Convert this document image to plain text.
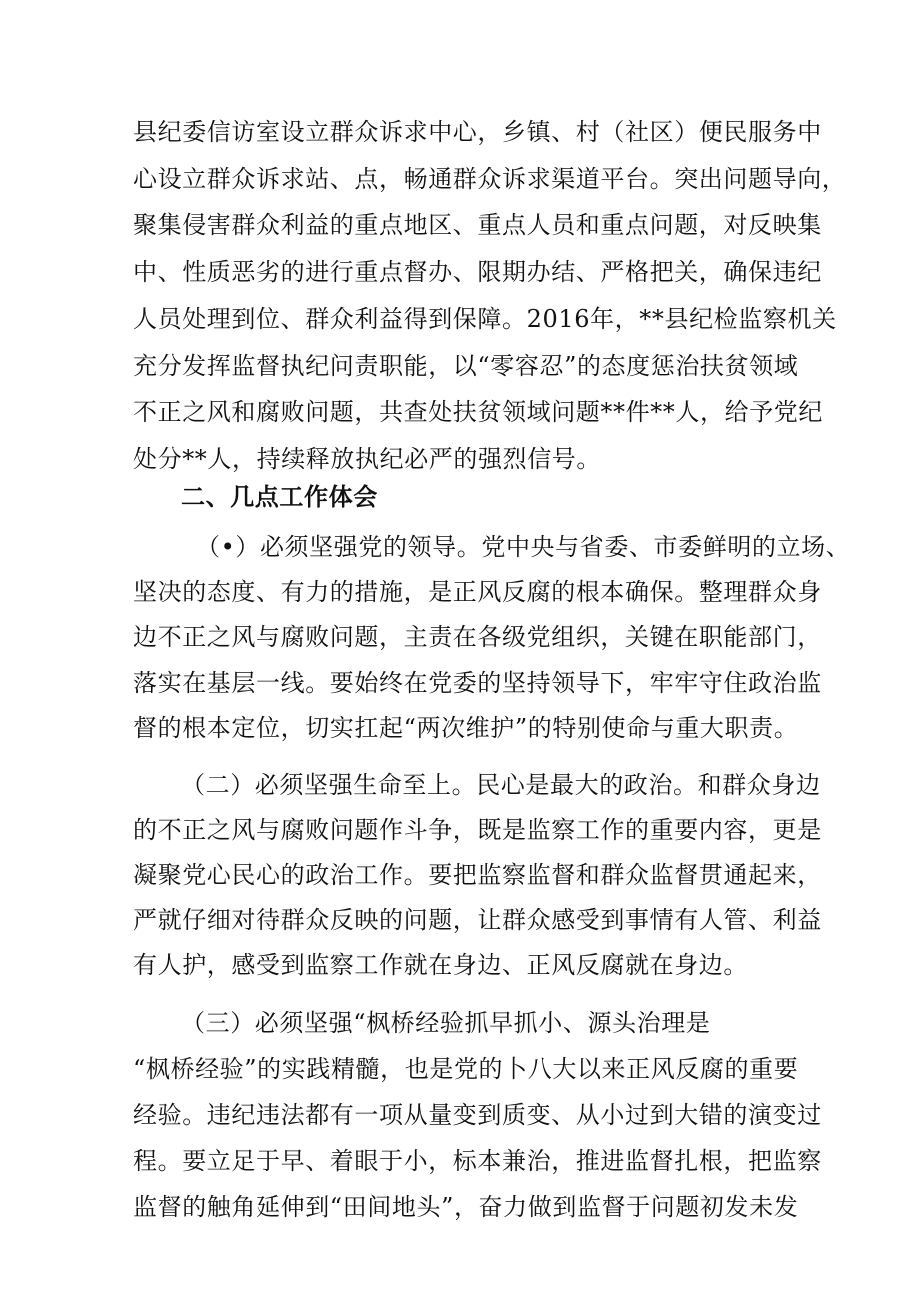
县纪委信访室设立群众诉求中心，乡镇、村（社区）便民服务中
心设立群众诉求站、点，畅通群众诉求渠道平台。突出问题导向，
聚集侵害群众利益的重点地区、重点人员和重点问题，对反映集
中、性质恶劣的进行重点督办、限期办结、严格把关，确保违纪
人员处理到位、群众利益得到保障。2016年，**县纪检监察机关
充分发挥监督执纪问责职能，以“零容忍”的态度惩治扶贫领域
不正之风和腐败问题，共查处扶贫领域问题**件**人，给予党纪
处分**人，持续释放执纪必严的强烈信号。
二、几点工作体会
（•）必须坚强党的领导。党中央与省委、市委鲜明的立场、
坚决的态度、有力的措施，是正风反腐的根本确保。整理群众身
边不正之风与腐败问题，主责在各级党组织，关键在职能部门，
落实在基层一线。要始终在党委的坚持领导下，牢牢守住政治监
督的根本定位，切实扛起“两次维护”的特别使命与重大职责。
（二）必须坚强生命至上。民心是最大的政治。和群众身边
的不正之风与腐败问题作斗争，既是监察工作的重要内容，更是
凝聚党心民心的政治工作。要把监察监督和群众监督贯通起来，
严就仔细对待群众反映的问题，让群众感受到事情有人管、利益
有人护，感受到监察工作就在身边、正风反腐就在身边。
（三）必须坚强“枫桥经验抓早抓小、源头治理是
“枫桥经验”的实践精髓，也是党的卜八大以来正风反腐的重要
经验。违纪违法都有一项从量变到质变、从小过到大错的演变过
程。要立足于早、着眼于小，标本兼治，推进监督扎根，把监察
监督的触角延伸到“田间地头”，奋力做到监督于问题初发未发
